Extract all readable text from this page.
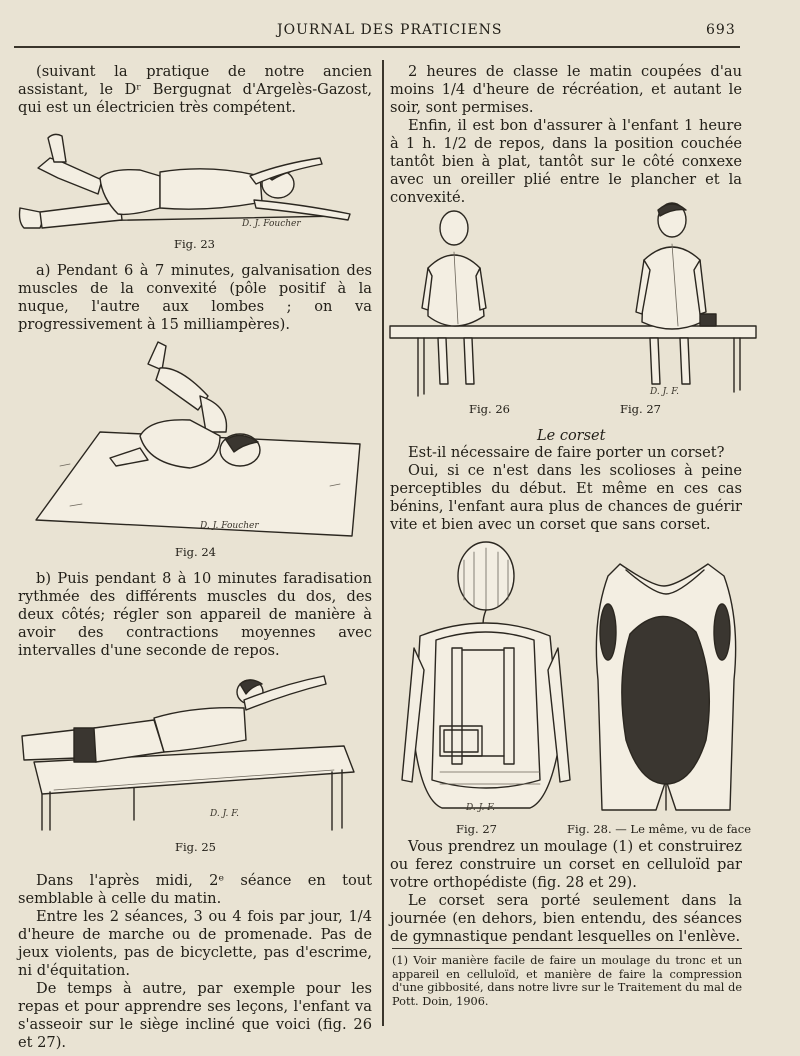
JOURNAL DES PRATICIENS	693

(suivant la pratique de notre ancien assistant, le Dʳ Bergugnat d'Argelès-Gazost, qui est un électricien très compétent.

D. J. Foucher
Fig. 23

a) Pendant 6 à 7 minutes, galvanisation des muscles de la convexité (pôle positif à la nuque, l'autre aux lombes ; on va progressivement à 15 milliampères).

D. J. Foucher
Fig. 24

b) Puis pendant 8 à 10 minutes faradisation rythmée des différents muscles du dos, des deux côtés; régler son appareil de manière à avoir des contractions moyennes avec intervalles d'une seconde de repos.

D. J. F.
Fig. 25

Dans l'après midi, 2ᵉ séance en tout semblable à celle du matin.

Entre les 2 séances, 3 ou 4 fois par jour, 1/4 d'heure de marche ou de promenade. Pas de jeux violents, pas de bicyclette, pas d'escrime, ni d'équitation.

De temps à autre, par exemple pour les repas et pour apprendre ses leçons, l'enfant va s'asseoir sur le siège incliné que voici (fig. 26 et 27).

2 heures de classe le matin coupées d'au moins 1/4 d'heure de récréation, et autant le soir, sont permises.

Enfin, il est bon d'assurer à l'enfant 1 heure à 1 h. 1/2 de repos, dans la position couchée tantôt bien à plat, tantôt sur le côté conxexe avec un oreiller plié entre le plancher et la convexité.

D. J. F.
Fig. 26	Fig. 27
Le corset

Est-il nécessaire de faire porter un corset?

Oui, si ce n'est dans les scolioses à peine perceptibles du début. Et même en ces cas bénins, l'enfant aura plus de chances de guérir vite et bien avec un corset que sans corset.

D. J. F.
Fig. 27	Fig. 28. — Le même, vu de face

Vous prendrez un moulage (1) et construirez ou ferez construire un corset en celluloïd par votre orthopédiste (fig. 28 et 29).

Le corset sera porté seulement dans la journée (en dehors, bien entendu, des séances de gymnastique pendant lesquelles on l'enlève.

(1) Voir manière facile de faire un moulage du tronc et un appareil en celluloïd, et manière de faire la compression d'une gibbosité, dans notre livre sur le Traitement du mal de Pott. Doin, 1906.
